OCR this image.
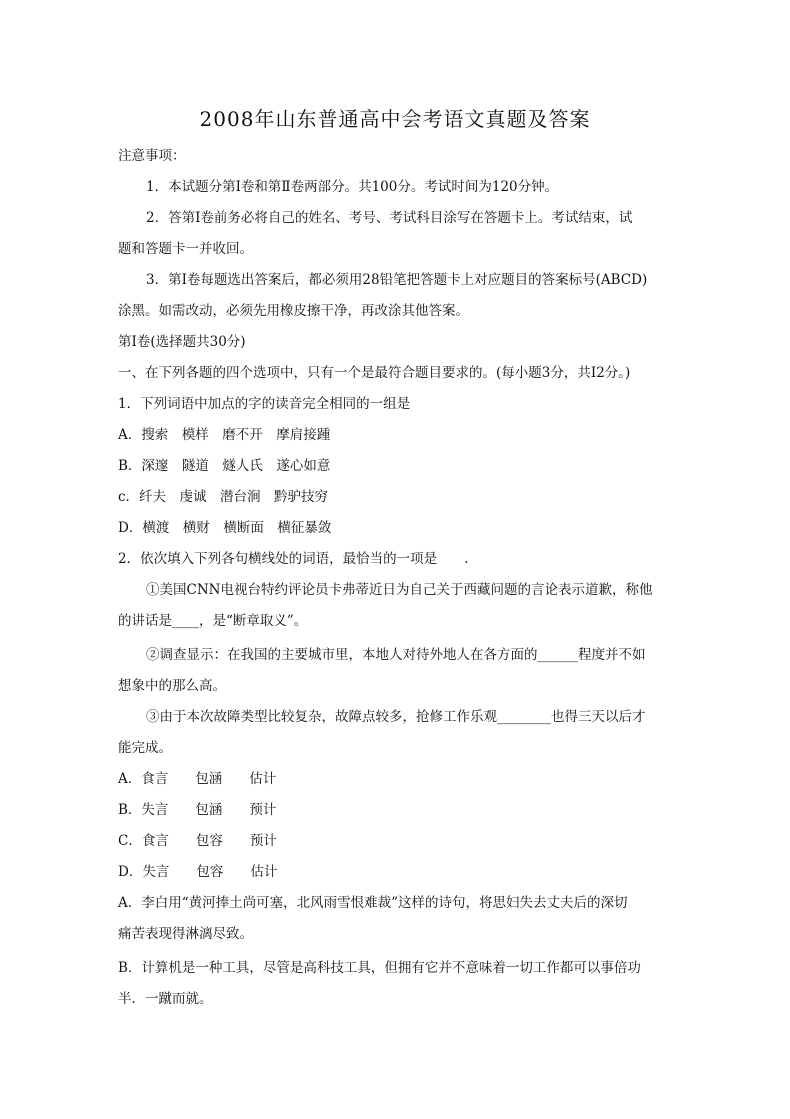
2008年山东普通高中会考语文真题及答案
注意事项：
1．本试题分第Ⅰ卷和第Ⅱ卷两部分。共100分。考试时间为120分钟。
2．答第Ⅰ卷前务必将自己的姓名、考号、考试科目涂写在答题卡上。考试结束，试
题和答题卡一并收回。
3．第Ⅰ卷每题选出答案后，都必须用28铅笔把答题卡上对应题目的答案标号(ABCD)
涂黑。如需改动，必须先用橡皮擦干净，再改涂其他答案。
第Ⅰ卷(选择题共30分)
一、在下列各题的四个选项中，只有一个是最符合题目要求的。(每小题3分，共I2分。)
1．下列词语中加点的字的读音完全相同的一组是
A．搜索　模样　磨不开　摩肩接踵
B．深邃　隧道　燧人氏　遂心如意
c．纤夫　虔诚　潜台涧　黔驴技穷
D．横渡　横财　横断面　横征暴敛
2．依次填入下列各句横线处的词语，最恰当的一项是　　.
①美国CNN电视台特约评论员卡弗蒂近日为自己关于西藏问题的言论表示道歉，称他
的讲话是____，是“断章取义”。
②调查显示：在我国的主要城市里，本地人对待外地人在各方面的______程度并不如
想象中的那么高。
③由于本次故障类型比较复杂，故障点较多，抢修工作乐观________也得三天以后才
能完成。
A．食言　　包涵　　估计
B．失言　　包涵　　预计
C．食言　　包容　　预计
D．失言　　包容　　估计
A．李白用“黄河捧土尚可塞，北风雨雪恨难裁”这样的诗句，将思妇失去丈夫后的深切
痛苦表现得淋漓尽致。
B．计算机是一种工具，尽管是高科技工具，但拥有它并不意味着一切工作都可以事倍功
半．一蹴而就。
